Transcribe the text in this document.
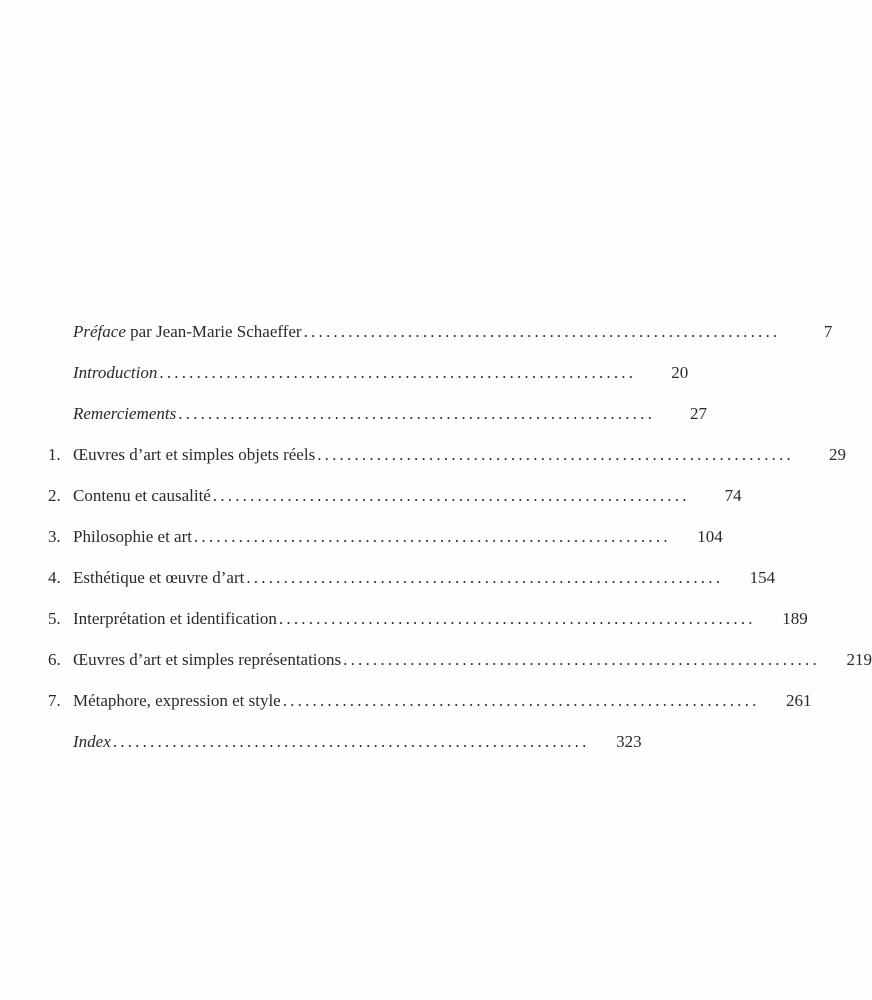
Préface par Jean-Marie Schaeffer ................................................................	7
Introduction ................................................................	20
Remerciements ................................................................	27
1. Œuvres d’art et simples objets réels ................................................................	29
2. Contenu et causalité ................................................................	74
3. Philosophie et art ................................................................	104
4. Esthétique et œuvre d’art ................................................................	154
5. Interprétation et identification ................................................................	189
6. Œuvres d’art et simples représentations ................................................................	219
7. Métaphore, expression et style ................................................................	261
Index ................................................................	323
